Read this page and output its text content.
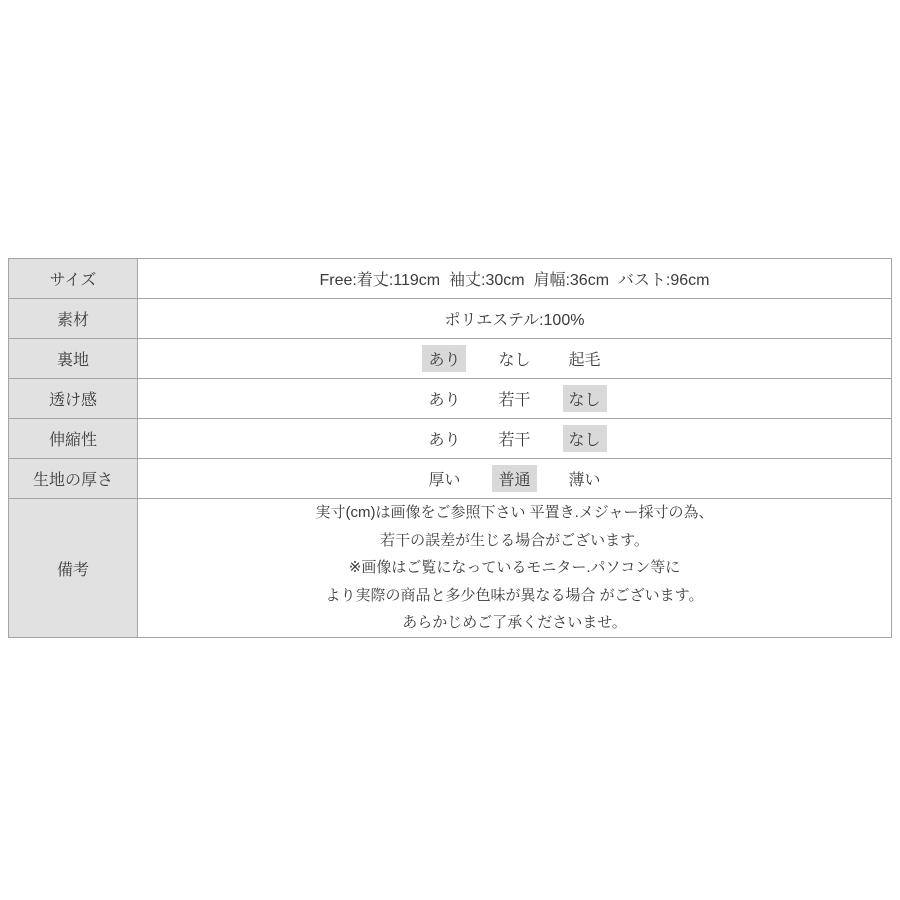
サイズ	Free:着丈:119cm  袖丈:30cm  肩幅:36cm  バスト:96cm
素材	ポリエステル:100%
裏地	あり	なし	起毛
透け感	あり	若干	なし
伸縮性	あり	若干	なし
生地の厚さ	厚い	普通	薄い
備考
実寸(cm)は画像をご参照下さい 平置き.メジャー採寸の為、
若干の誤差が生じる場合がございます。
※画像はご覧になっているモニター.パソコン等に
より実際の商品と多少色味が異なる場合 がございます。
あらかじめご了承くださいませ。
